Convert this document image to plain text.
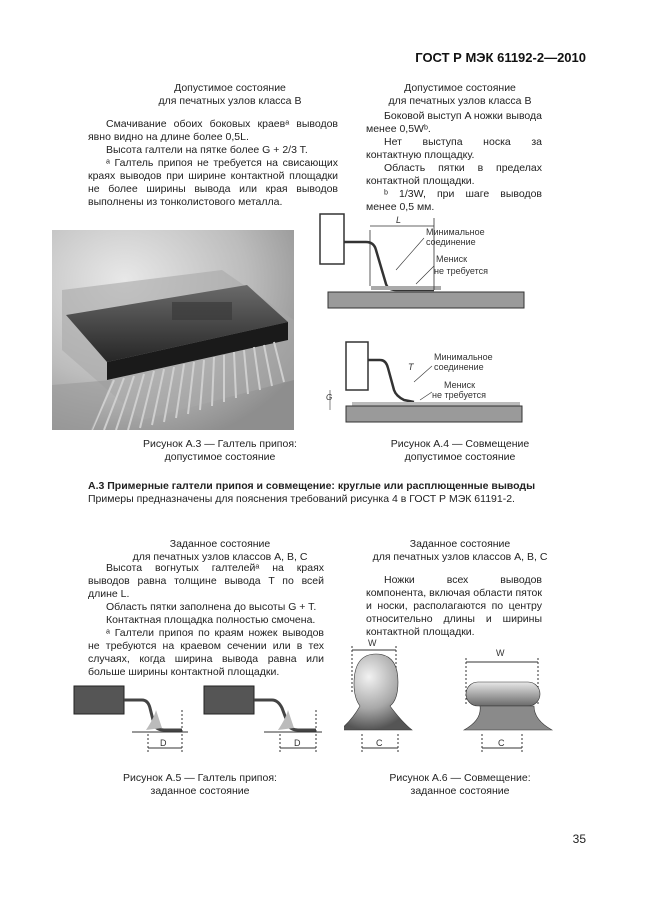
ГОСТ Р МЭК 61192-2—2010
Допустимое состояние
для печатных узлов класса В

Смачивание обоих боковых краевᵃ выводов явно видно на длине более 0,5L.

Высота галтели на пятке более G + 2/3 T.

ᵃ Галтель припоя не требуется на свисающих краях выводов при ширине контактной площадки не более ширины вывода или края выводов выполнены из тонколистового металла.

Допустимое состояние
для печатных узлов класса В

Боковой выступ A ножки вывода менее 0,5Wᵇ.

Нет выступа носка за контактную площадку.

Область пятки в пределах контактной площадки.

ᵇ 1/3W, при шаге выводов менее 0,5 мм.

L
Минимальное
соединение
Мениск
не требуется
G
T
Минимальное
соединение
Мениск
не требуется
Рисунок А.3 — Галтель припоя:
допустимое состояние
Рисунок А.4 — Совмещение
допустимое состояние
А.3 Примерные галтели припоя и совмещение: круглые или расплющенные выводы
Примеры предназначены для пояснения требований рисунка 4 в ГОСТ Р МЭК 61191-2.
Заданное состояние
для печатных узлов классов А, В, С

Высота вогнутых галтелейᵃ на краях выводов равна толщине вывода T по всей длине L.

Область пятки заполнена до высоты G + T.

Контактная площадка полностью смочена.

ᵃ Галтели припоя по краям ножек выводов не требуются на краевом сечении или в тех случаях, когда ширина вывода равна или больше ширины контактной площадки.

Заданное состояние
для печатных узлов классов А, В, С

Ножки всех выводов компонента, включая области пяток и носки, располагаются по центру относительно длины и ширины контактной площадки.

D	D
W
C
W
C
Рисунок А.5 — Галтель припоя:
заданное состояние
Рисунок А.6 — Совмещение:
заданное состояние
35
